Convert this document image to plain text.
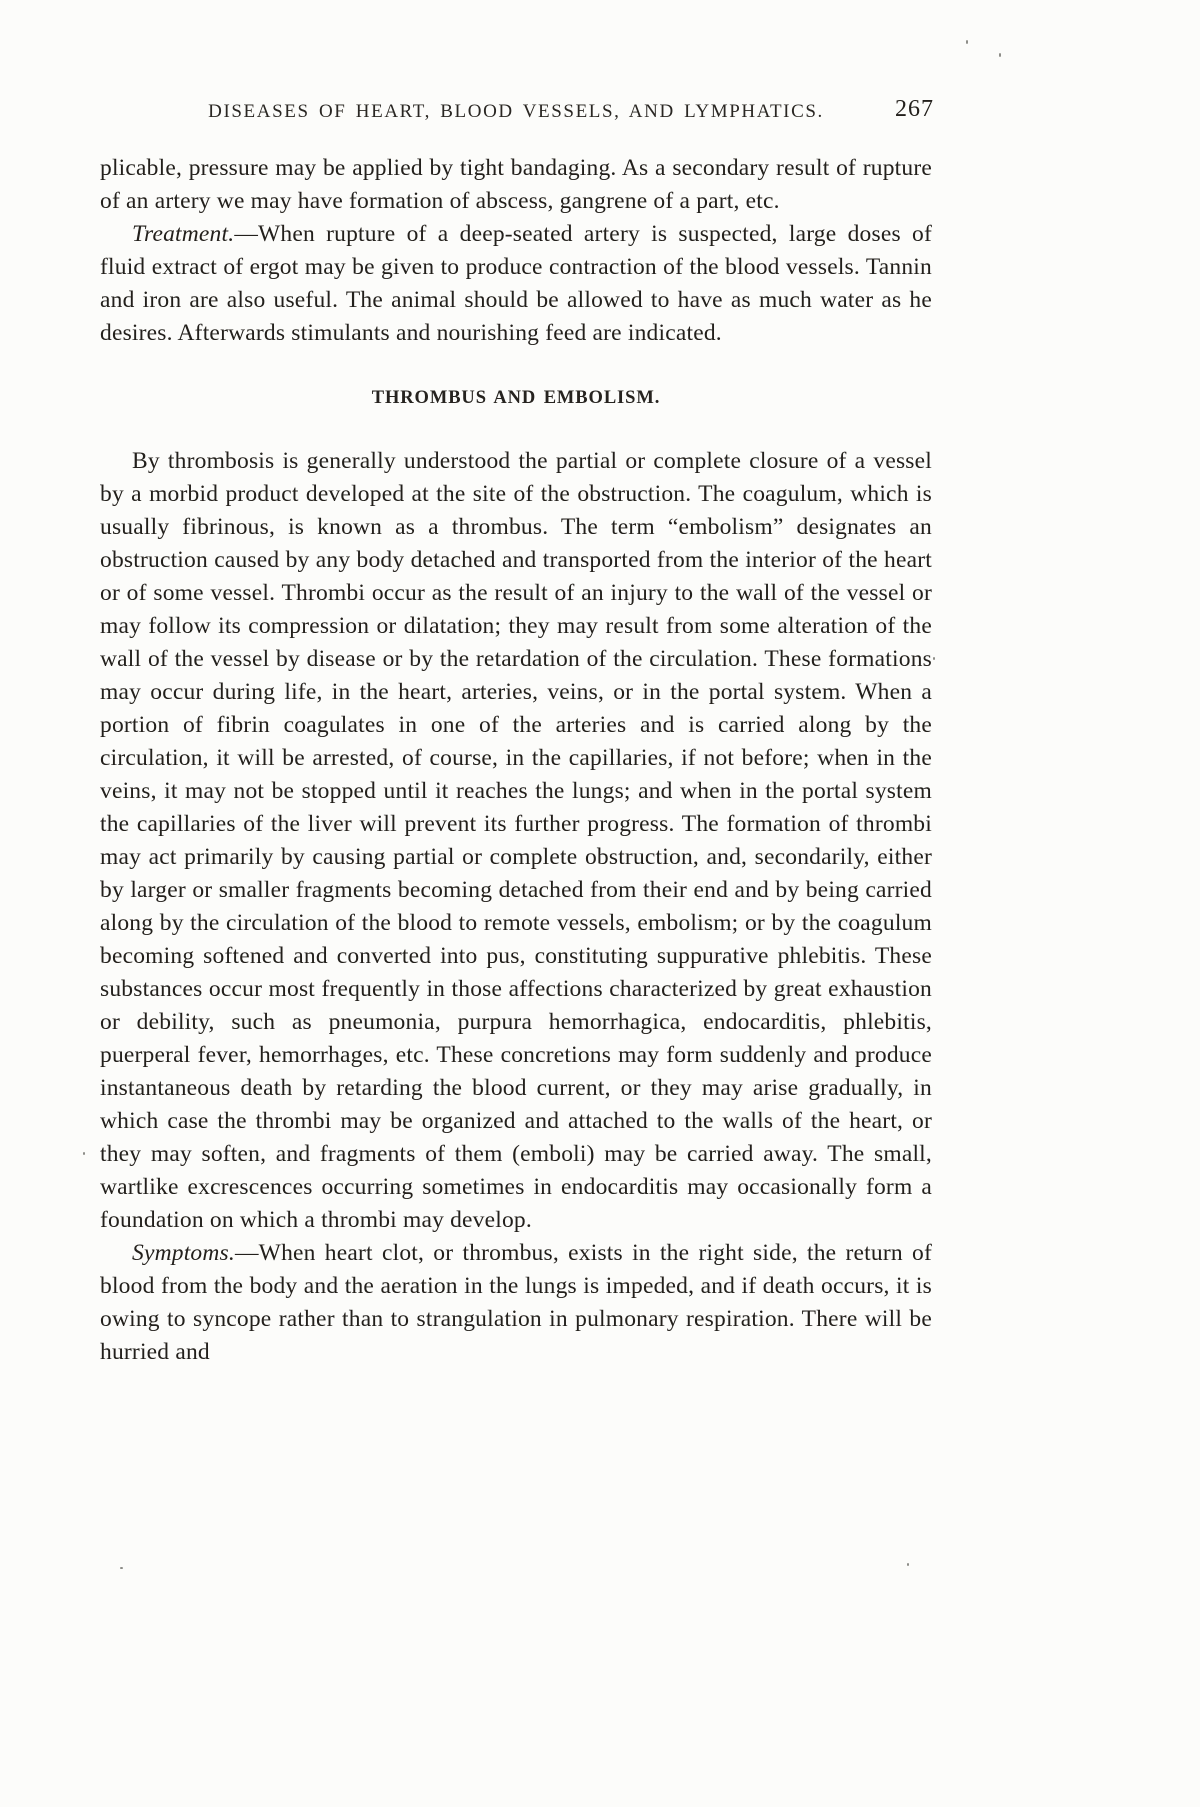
DISEASES OF HEART, BLOOD VESSELS, AND LYMPHATICS.	267

plicable, pressure may be applied by tight bandaging. As a secondary result of rupture of an artery we may have formation of abscess, gangrene of a part, etc.

Treatment.—When rupture of a deep-seated artery is suspected, large doses of fluid extract of ergot may be given to produce contraction of the blood vessels. Tannin and iron are also useful. The animal should be allowed to have as much water as he desires. Afterwards stimulants and nourishing feed are indicated.

THROMBUS AND EMBOLISM.

By thrombosis is generally understood the partial or complete closure of a vessel by a morbid product developed at the site of the obstruction. The coagulum, which is usually fibrinous, is known as a thrombus. The term “embolism” designates an obstruction caused by any body detached and transported from the interior of the heart or of some vessel. Thrombi occur as the result of an injury to the wall of the vessel or may follow its compression or dilatation; they may result from some alteration of the wall of the vessel by disease or by the retardation of the circulation. These formations may occur during life, in the heart, arteries, veins, or in the portal system. When a portion of fibrin coagulates in one of the arteries and is carried along by the circulation, it will be arrested, of course, in the capillaries, if not before; when in the veins, it may not be stopped until it reaches the lungs; and when in the portal system the capillaries of the liver will prevent its further progress. The formation of thrombi may act primarily by causing partial or complete obstruction, and, secondarily, either by larger or smaller fragments becoming detached from their end and by being carried along by the circulation of the blood to remote vessels, embolism; or by the coagulum becoming softened and converted into pus, constituting suppurative phlebitis. These substances occur most frequently in those affections characterized by great exhaustion or debility, such as pneumonia, purpura hemorrhagica, endocarditis, phlebitis, puerperal fever, hemorrhages, etc. These concretions may form suddenly and produce instantaneous death by retarding the blood current, or they may arise gradually, in which case the thrombi may be organized and attached to the walls of the heart, or they may soften, and fragments of them (emboli) may be carried away. The small, wartlike excrescences occurring sometimes in endocarditis may occasionally form a foundation on which a thrombi may develop.

Symptoms.—When heart clot, or thrombus, exists in the right side, the return of blood from the body and the aeration in the lungs is impeded, and if death occurs, it is owing to syncope rather than to strangulation in pulmonary respiration. There will be hurried and
